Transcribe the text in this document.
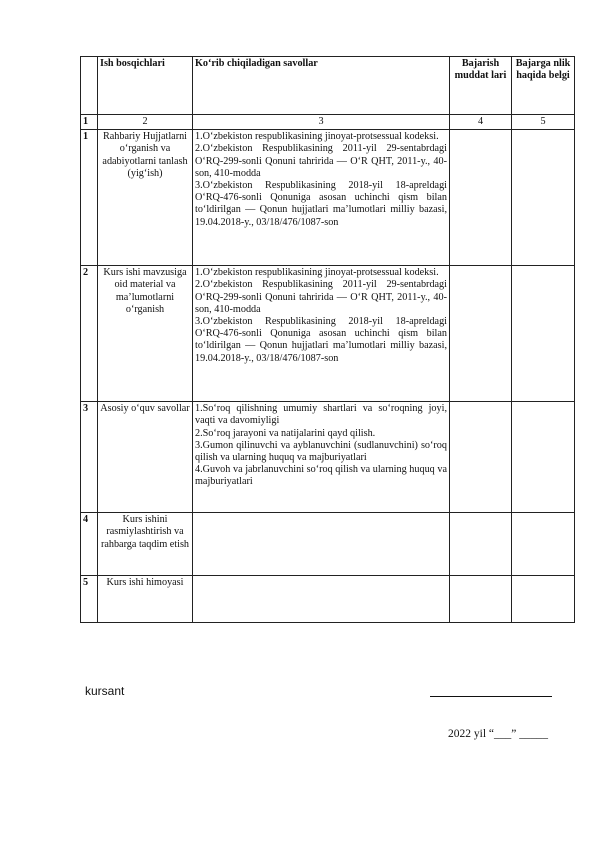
	Ish bosqichlari	Ko‘rib chiqiladigan savollar	Bajarish muddat lari	Bajarga nlik haqida belgi
1	2	3	4	5
1	Rahbariy Hujjatlarni o‘rganish va adabiyotlarni tanlash (yig‘ish)	1.O‘zbekiston respublikasining jinoyat-protsessual kodeksi.
2.O‘zbekiston Respublikasining 2011-yil 29-sentabrdagi O‘RQ-299-sonli Qonuni tahririda — O‘R QHT, 2011-y., 40-son, 410-modda
3.O‘zbekiston Respublikasining 2018-yil 18-apreldagi O‘RQ-476-sonli Qonuniga asosan uchinchi qism bilan to‘ldirilgan — Qonun hujjatlari ma’lumotlari milliy bazasi, 19.04.2018-y., 03/18/476/1087-son		

2	Kurs ishi mavzusiga oid material va ma’lumotlarni o‘rganish	1.O‘zbekiston respublikasining jinoyat-protsessual kodeksi.
2.O‘zbekiston Respublikasining 2011-yil 29-sentabrdagi O‘RQ-299-sonli Qonuni tahririda — O‘R QHT, 2011-y., 40-son, 410-modda
3.O‘zbekiston Respublikasining 2018-yil 18-apreldagi O‘RQ-476-sonli Qonuniga asosan uchinchi qism bilan to‘ldirilgan — Qonun hujjatlari ma’lumotlari milliy bazasi, 19.04.2018-y., 03/18/476/1087-son		

3	Asosiy o‘quv savollar	1.So‘roq qilishning umumiy shartlari va so‘roqning joyi, vaqti va davomiyligi
2.So‘roq jarayoni va natijalarini qayd qilish.
3.Gumon qilinuvchi va ayblanuvchini (sudlanuvchini) so‘roq qilish va ularning huquq va majburiyatlari
4.Guvoh va jabrlanuvchini so‘roq qilish va ularning huquq va majburiyatlari		

4	Kurs ishini rasmiylashtirish va rahbarga taqdim etish			
5	Kurs ishi himoyasi			
kursant
2022 yil “___” _____
